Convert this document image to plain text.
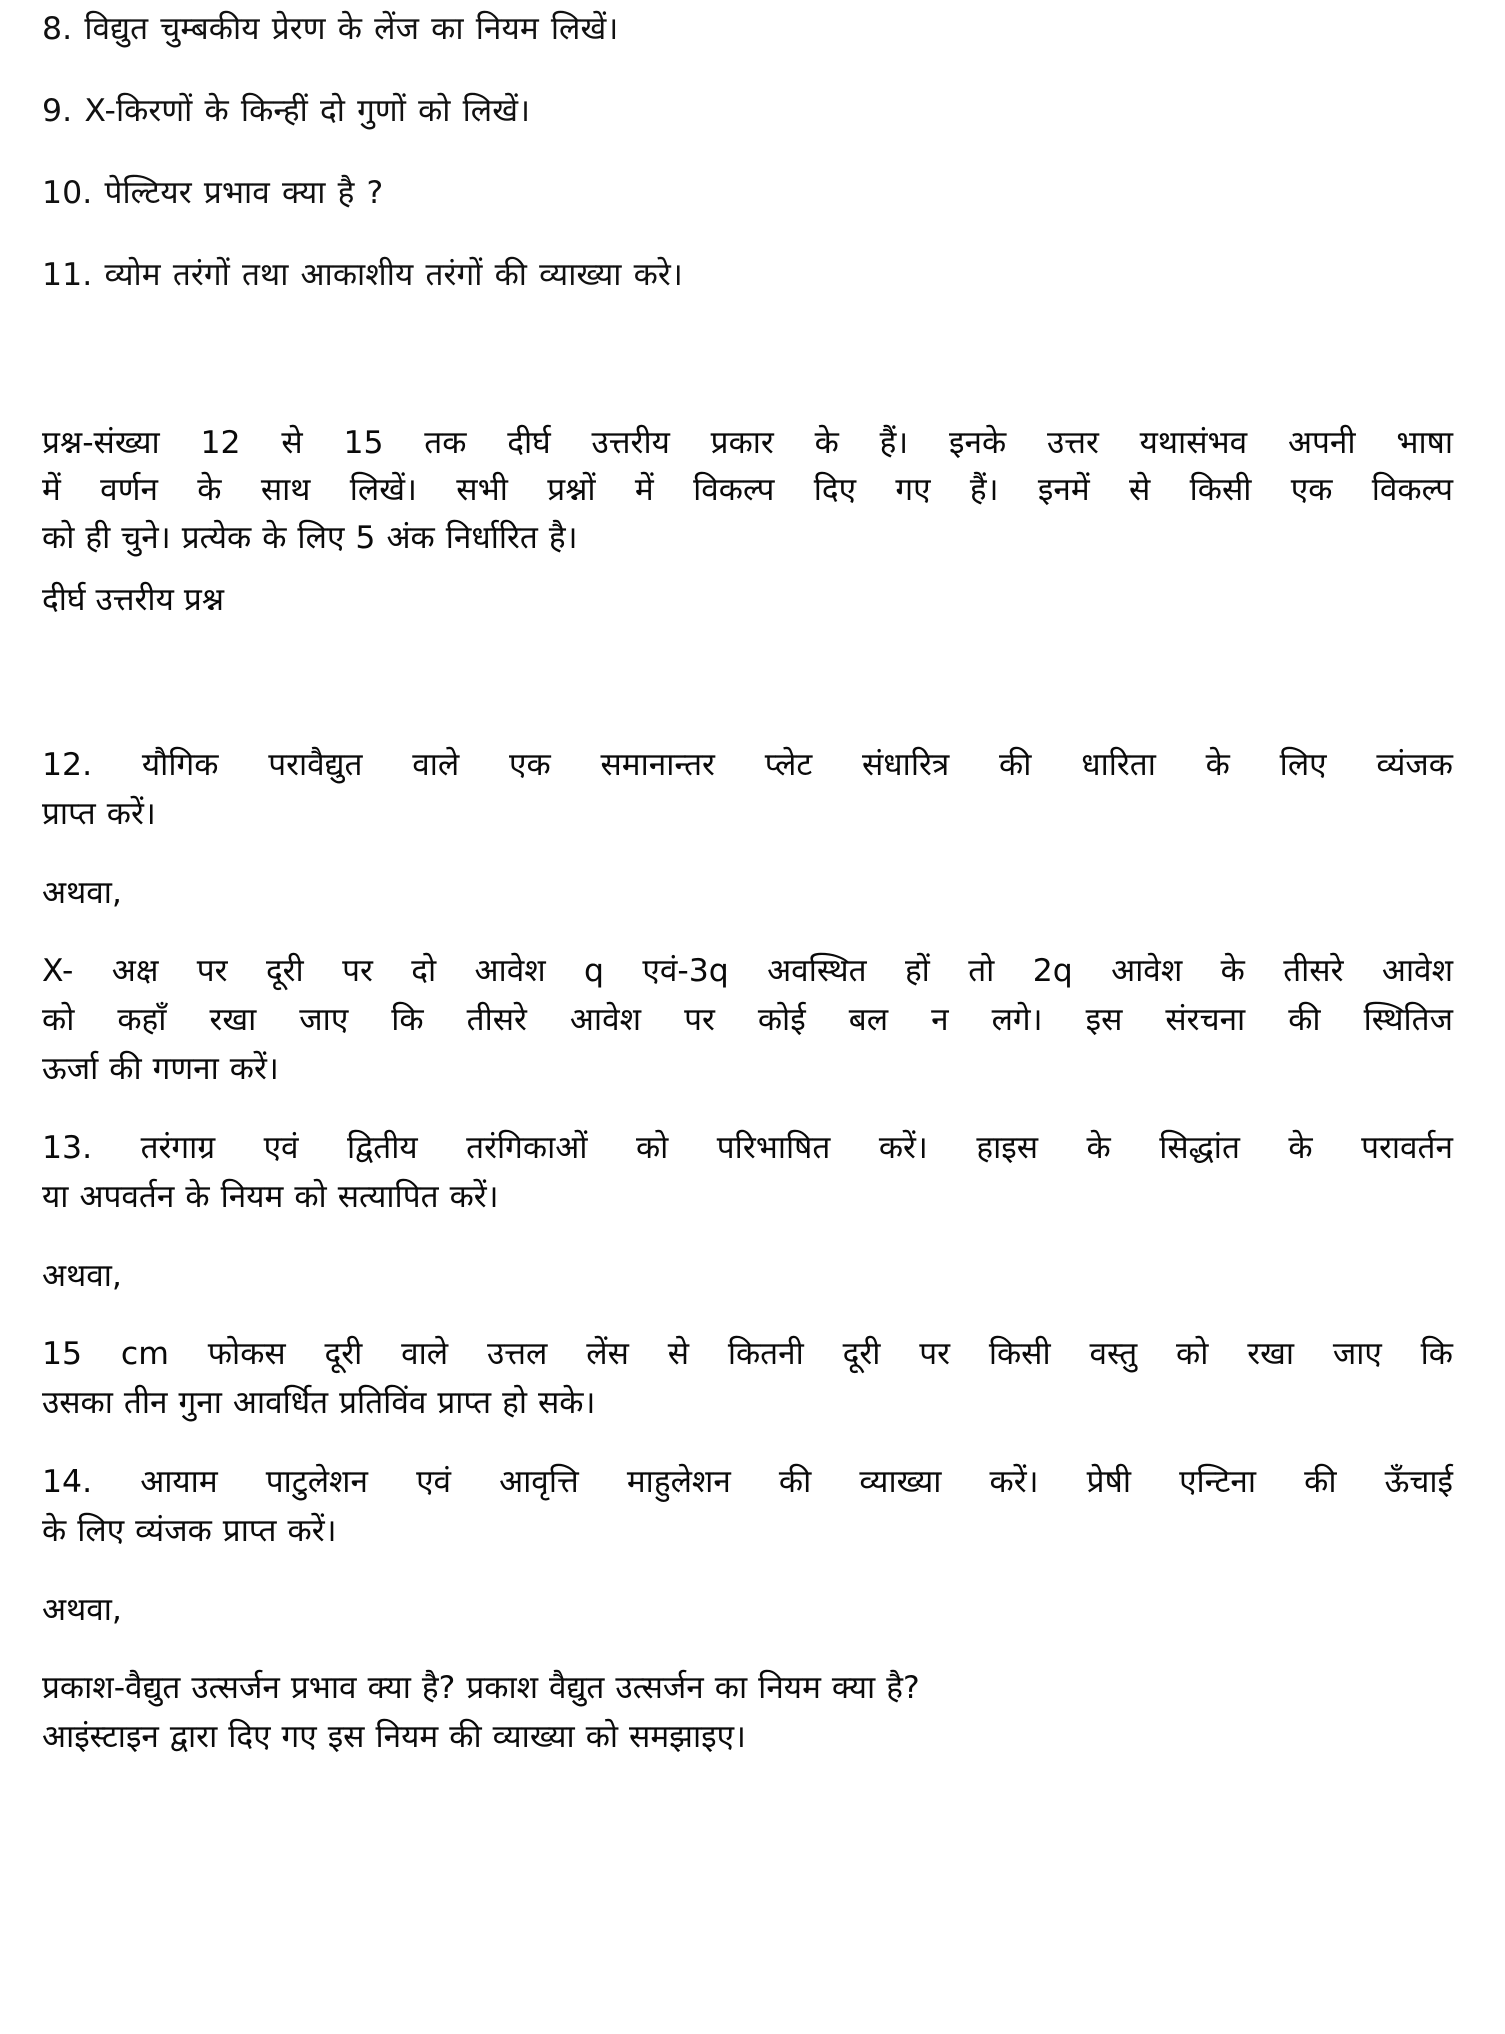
8. विद्युत चुम्बकीय प्रेरण के लेंज का नियम लिखें।

9. X-किरणों के किन्हीं दो गुणों को लिखें।

10. पेल्टियर प्रभाव क्या है ?

11. व्योम तरंगों तथा आकाशीय तरंगों की व्याख्या करे।

प्रश्न-संख्या 12 से 15 तक दीर्घ उत्तरीय प्रकार के हैं। इनके उत्तर यथासंभव अपनी भाषा

में वर्णन के साथ लिखें। सभी प्रश्नों में विकल्प दिए गए हैं। इनमें से किसी एक विकल्प

को ही चुने। प्रत्येक के लिए 5 अंक निर्धारित है।

दीर्घ उत्तरीय प्रश्न

12. यौगिक परावैद्युत वाले एक समानान्तर प्लेट संधारित्र की धारिता के लिए व्यंजक

प्राप्त करें।

अथवा,

X- अक्ष पर दूरी पर दो आवेश q एवं-3q अवस्थित हों तो 2q आवेश के तीसरे आवेश

को कहाँ रखा जाए कि तीसरे आवेश पर कोई बल न लगे। इस संरचना की स्थितिज

ऊर्जा की गणना करें।

13. तरंगाग्र एवं द्वितीय तरंगिकाओं को परिभाषित करें। हाइस के सिद्धांत के परावर्तन

या अपवर्तन के नियम को सत्यापित करें।

अथवा,

15 cm फोकस दूरी वाले उत्तल लेंस से कितनी दूरी पर किसी वस्तु को रखा जाए कि

उसका तीन गुना आवर्धित प्रतिविंव प्राप्त हो सके।

14. आयाम पाटुलेशन एवं आवृत्ति माहुलेशन की व्याख्या करें। प्रेषी एन्टिना की ऊँचाई

के लिए व्यंजक प्राप्त करें।

अथवा,

प्रकाश-वैद्युत उत्सर्जन प्रभाव क्या है? प्रकाश वैद्युत उत्सर्जन का नियम क्या है?

आइंस्टाइन द्वारा दिए गए इस नियम की व्याख्या को समझाइए।
